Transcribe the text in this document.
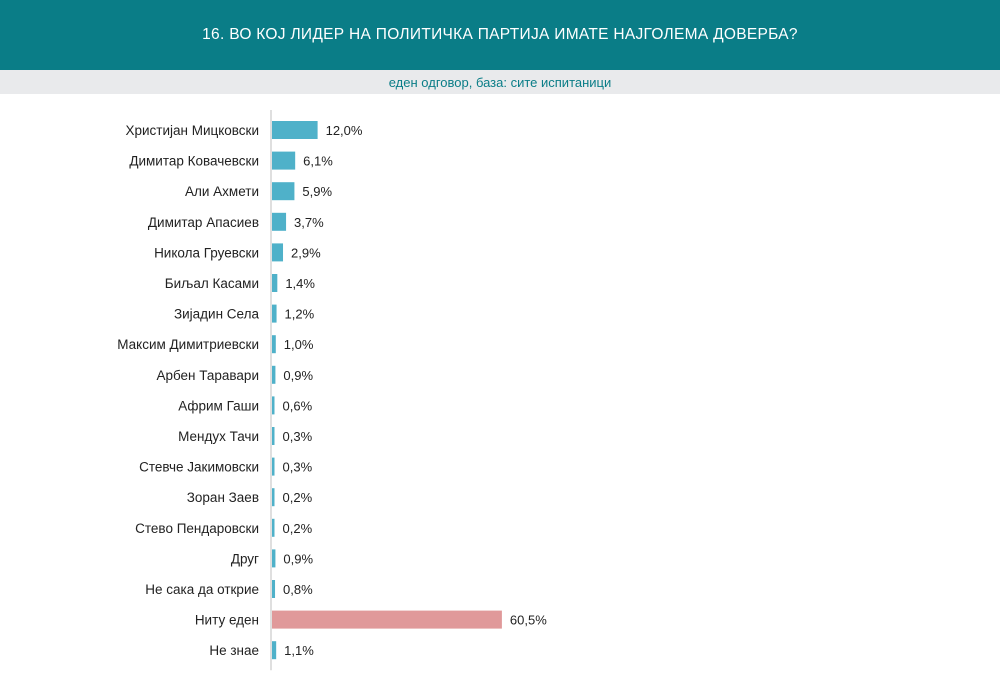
16. ВО КОЈ ЛИДЕР НА ПОЛИТИЧКА ПАРТИЈА ИМАТЕ НАЈГОЛЕМА ДОВЕРБА?
еден одговор, база: сите испитаници
Христијан Мицковски	12,0%
Димитар Ковачевски	6,1%
Али Ахмети	5,9%
Димитар Апасиев	3,7%
Никола Груевски 2,9%
Биљал Касами 1,4%
Зијадин Села 1,2%
Максим Димитриевски 1,0%
Арбен Таравари 0,9%
Африм Гаши 0,6%
Мендух Тачи 0,3%
Стевче Јакимовски 0,3%
Зоран Заев 0,2%
Стево Пендаровски 0,2%
Друг 0,9%
Не сака да открие 0,8%
Ниту еден	60,5%
Не знае 1,1%
